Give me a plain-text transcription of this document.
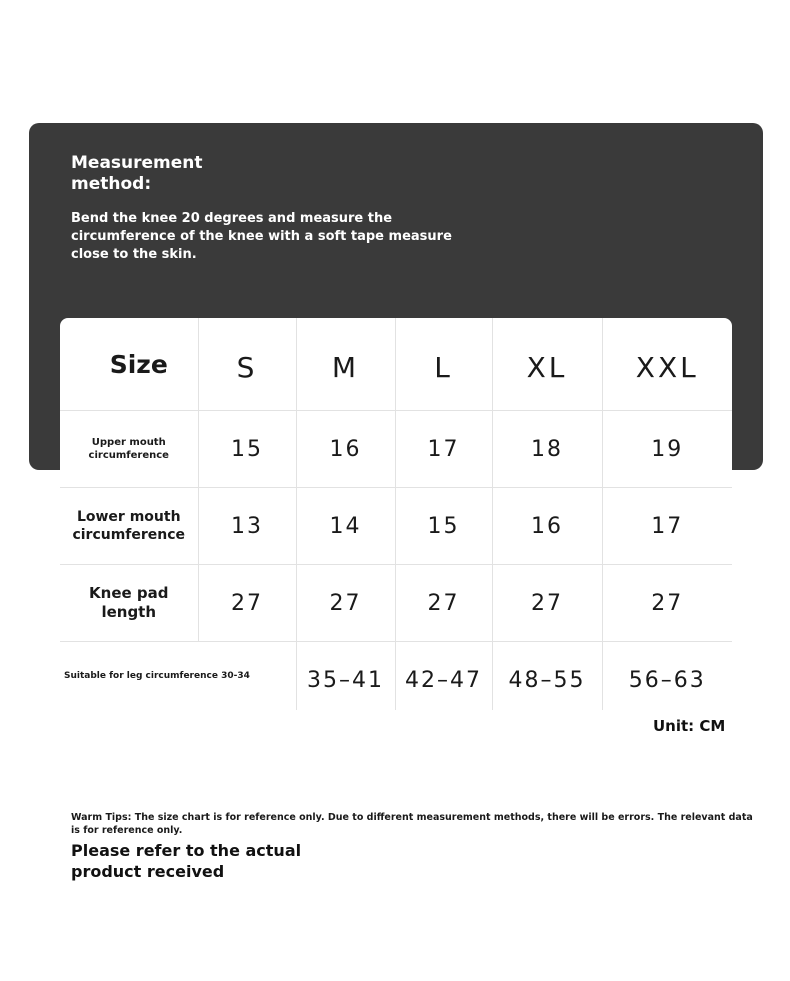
Measurement method:
Bend the knee 20 degrees and measure the circumference of the knee with a soft tape measure close to the skin.
Size	S	M	L	XL	XXL
Upper mouth circumference	15	16	17	18	19
Lower mouth circumference	13	14	15	16	17
Knee pad length	27	27	27	27	27

Suitable for leg circumference 30-34		35–41	42–47	48–55	56–63
Unit: CM
Warm Tips: The size chart is for reference only. Due to different measurement methods, there will be errors. The relevant data is for reference only.
Please refer to the actual product received
